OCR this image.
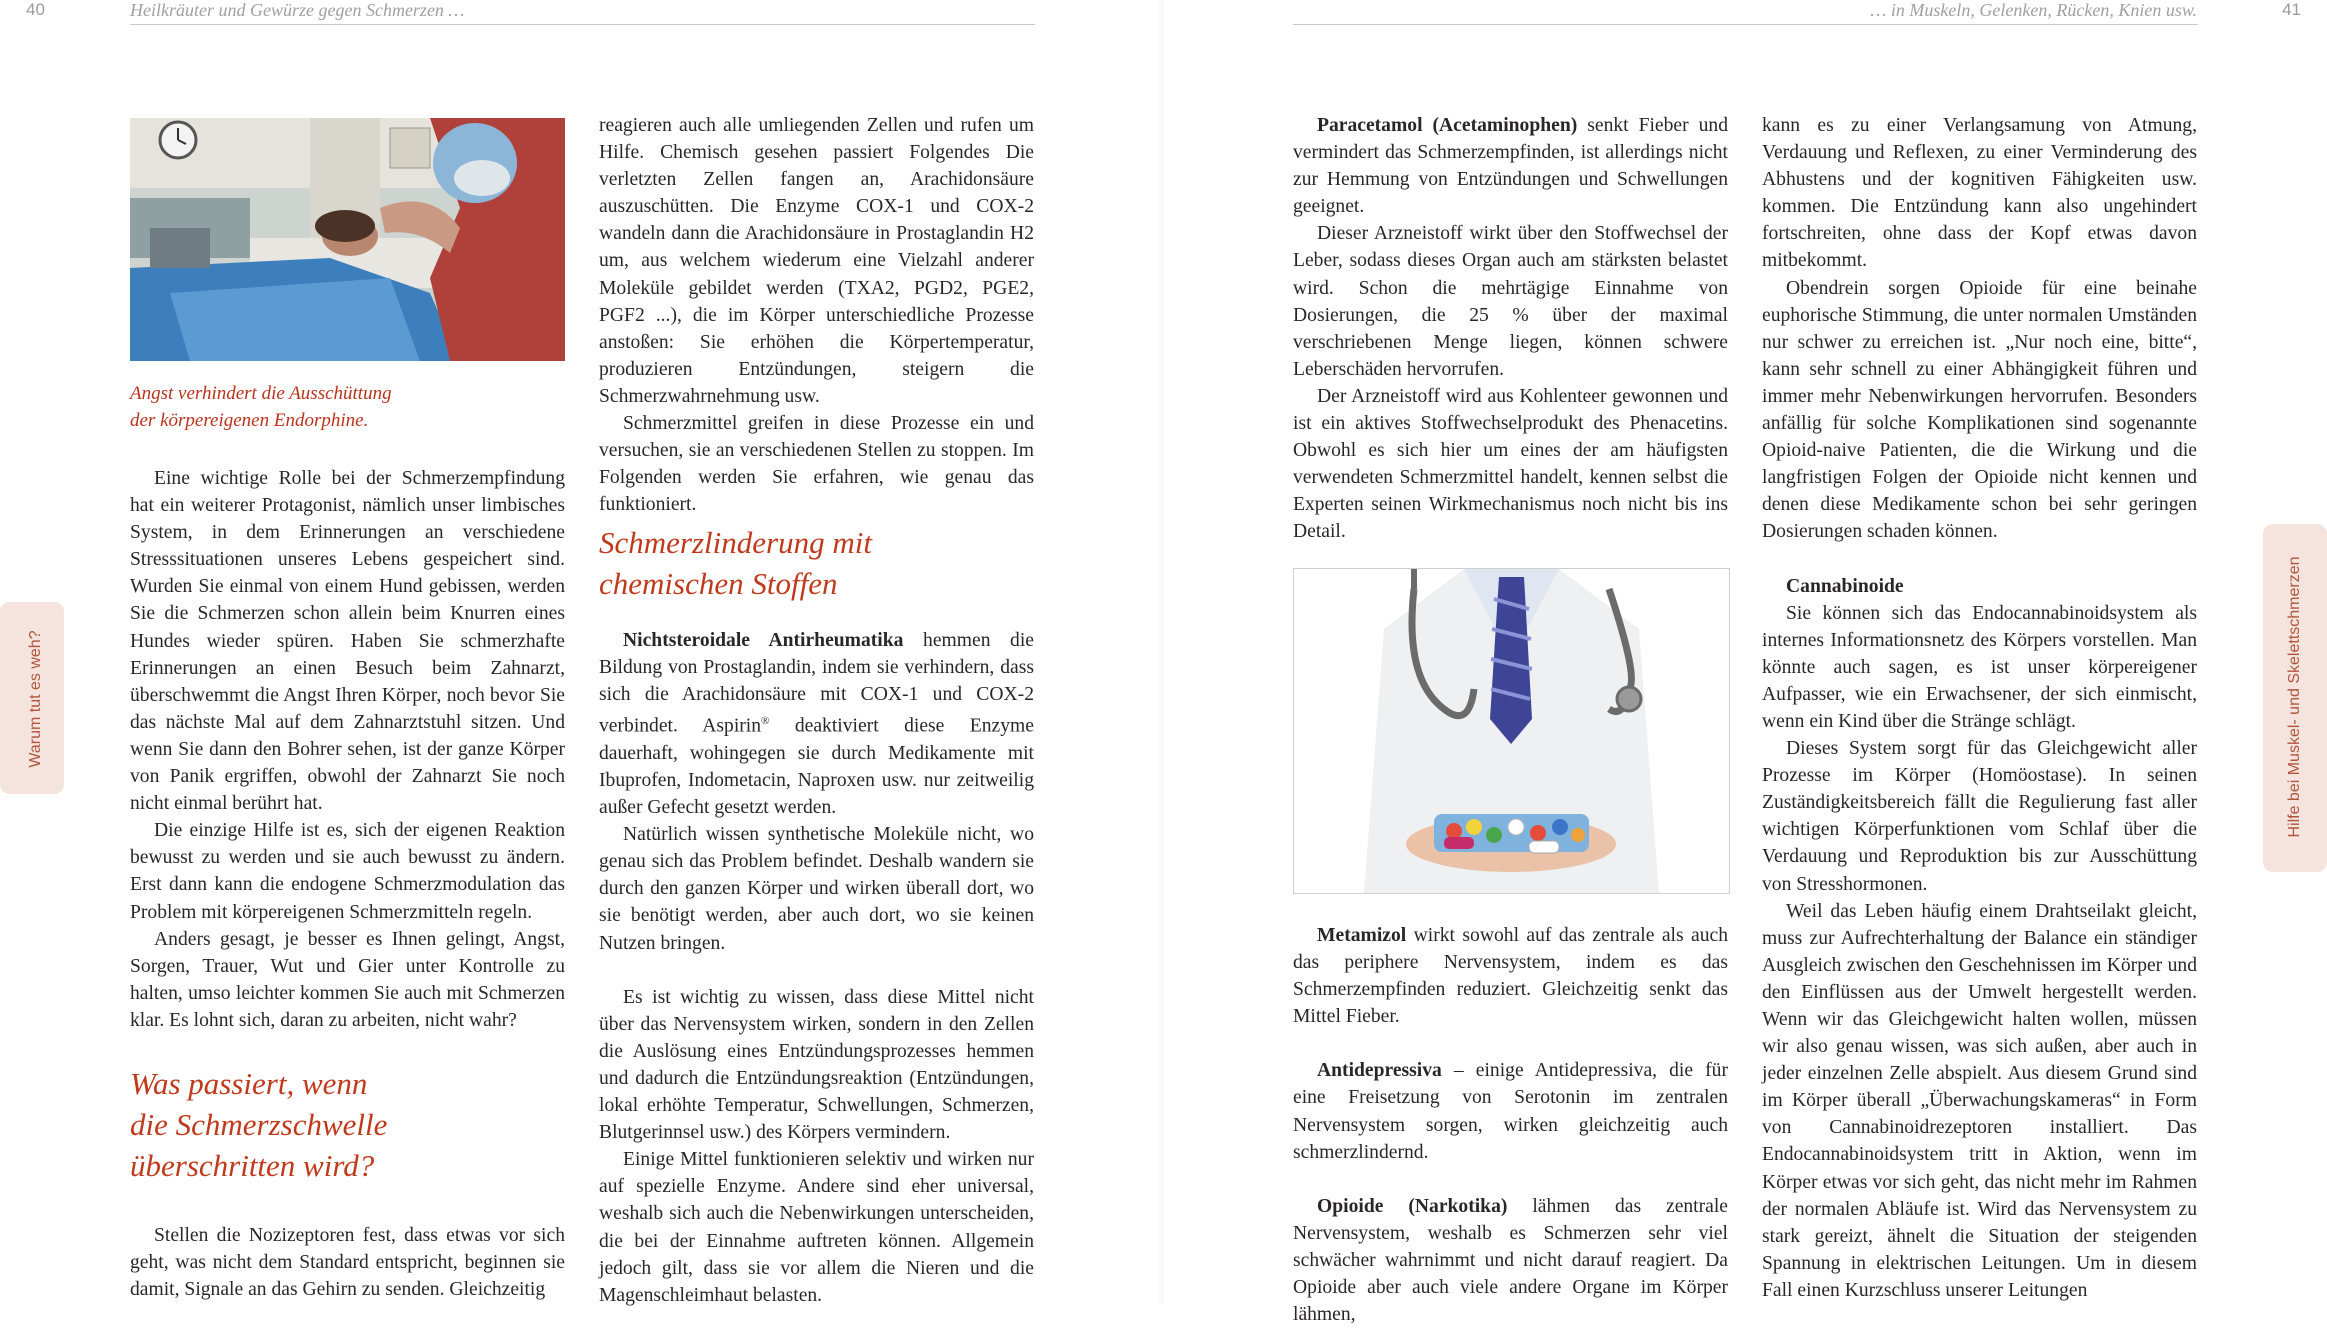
40	Heilkräuter und Gewürze gegen Schmerzen …
Warum tut es weh?
Angst verhindert die Ausschüttung
der körpereigenen Endorphine.

Eine wichtige Rolle bei der Schmerzempfindung hat ein weiterer Protagonist, nämlich unser limbisches System, in dem Erinnerungen an verschiedene Stresssituationen unseres Lebens gespeichert sind. Wurden Sie einmal von einem Hund gebissen, werden Sie die Schmerzen schon allein beim Knurren eines Hundes wieder spüren. Haben Sie schmerzhafte Erinnerungen an einen Besuch beim Zahnarzt, überschwemmt die Angst Ihren Körper, noch bevor Sie das nächste Mal auf dem Zahnarztstuhl sitzen. Und wenn Sie dann den Bohrer sehen, ist der ganze Körper von Panik ergriffen, obwohl der Zahnarzt Sie noch nicht einmal berührt hat.

Die einzige Hilfe ist es, sich der eigenen Reaktion bewusst zu werden und sie auch bewusst zu ändern. Erst dann kann die endogene Schmerzmodulation das Problem mit körpereigenen Schmerzmitteln regeln.

Anders gesagt, je besser es Ihnen gelingt, Angst, Sorgen, Trauer, Wut und Gier unter Kontrolle zu halten, umso leichter kommen Sie auch mit Schmerzen klar. Es lohnt sich, daran zu arbeiten, nicht wahr?

Was passiert, wenn
die Schmerzschwelle
überschritten wird?

Stellen die Nozizeptoren fest, dass etwas vor sich geht, was nicht dem Standard entspricht, beginnen sie damit, Signale an das Gehirn zu senden. Gleichzeitig

reagieren auch alle umliegenden Zellen und rufen um Hilfe. Chemisch gesehen passiert Folgendes Die verletzten Zellen fangen an, Arachidonsäure auszuschütten. Die Enzyme COX-1 und COX-2 wandeln dann die Arachidonsäure in Prostaglandin H2 um, aus welchem wiederum eine Vielzahl anderer Moleküle gebildet werden (TXA2, PGD2, PGE2, PGF2 ...), die im Körper unterschiedliche Prozesse anstoßen: Sie erhöhen die Körpertemperatur, produzieren Entzündungen, steigern die Schmerzwahrnehmung usw.

Schmerzmittel greifen in diese Prozesse ein und versuchen, sie an verschiedenen Stellen zu stoppen. Im Folgenden werden Sie erfahren, wie genau das funktioniert.

Schmerzlinderung mit
chemischen Stoffen

Nichtsteroidale Antirheumatika hemmen die Bildung von Prostaglandin, indem sie verhindern, dass sich die Arachidonsäure mit COX-1 und COX-2 verbindet. Aspirin® deaktiviert diese Enzyme dauerhaft, wohingegen sie durch Medikamente mit Ibuprofen, Indometacin, Naproxen usw. nur zeitweilig außer Gefecht gesetzt werden.

Natürlich wissen synthetische Moleküle nicht, wo genau sich das Problem befindet. Deshalb wandern sie durch den ganzen Körper und wirken überall dort, wo sie benötigt werden, aber auch dort, wo sie keinen Nutzen bringen.

Es ist wichtig zu wissen, dass diese Mittel nicht über das Nervensystem wirken, sondern in den Zellen die Auslösung eines Entzündungsprozesses hemmen und dadurch die Entzündungsreaktion (Entzündungen, lokal erhöhte Temperatur, Schwellungen, Schmerzen, Blutgerinnsel usw.) des Körpers vermindern.

Einige Mittel funktionieren selektiv und wirken nur auf spezielle Enzyme. Andere sind eher universal, weshalb sich auch die Nebenwirkungen unterscheiden, die bei der Einnahme auftreten können. Allgemein jedoch gilt, dass sie vor allem die Nieren und die Magenschleimhaut belasten.

… in Muskeln, Gelenken, Rücken, Knien usw.	41
Hilfe bei Muskel- und Skelettschmerzen

Paracetamol (Acetaminophen) senkt Fieber und vermindert das Schmerzempfinden, ist allerdings nicht zur Hemmung von Entzündungen und Schwellungen geeignet.

Dieser Arzneistoff wirkt über den Stoffwechsel der Leber, sodass dieses Organ auch am stärksten belastet wird. Schon die mehrtägige Einnahme von Dosierungen, die 25 % über der maximal verschriebenen Menge liegen, können schwere Leberschäden hervorrufen.

Der Arzneistoff wird aus Kohlenteer gewonnen und ist ein aktives Stoffwechselprodukt des Phenacetins. Obwohl es sich hier um eines der am häufigsten verwendeten Schmerzmittel handelt, kennen selbst die Experten seinen Wirkmechanismus noch nicht bis ins Detail.

Metamizol wirkt sowohl auf das zentrale als auch das periphere Nervensystem, indem es das Schmerzempfinden reduziert. Gleichzeitig senkt das Mittel Fieber.

Antidepressiva – einige Antidepressiva, die für eine Freisetzung von Serotonin im zentralen Nervensystem sorgen, wirken gleichzeitig auch schmerzlindernd.

Opioide (Narkotika) lähmen das zentrale Nervensystem, weshalb es Schmerzen sehr viel schwächer wahrnimmt und nicht darauf reagiert. Da Opioide aber auch viele andere Organe im Körper lähmen,

kann es zu einer Verlangsamung von Atmung, Verdauung und Reflexen, zu einer Verminderung des Abhustens und der kognitiven Fähigkeiten usw. kommen. Die Entzündung kann also ungehindert fortschreiten, ohne dass der Kopf etwas davon mitbekommt.

Obendrein sorgen Opioide für eine beinahe euphorische Stimmung, die unter normalen Umständen nur schwer zu erreichen ist. „Nur noch eine, bitte“, kann sehr schnell zu einer Abhängigkeit führen und immer mehr Nebenwirkungen hervorrufen. Besonders anfällig für solche Komplikationen sind sogenannte Opioid-naive Patienten, die die Wirkung und die langfristigen Folgen der Opioide nicht kennen und denen diese Medikamente schon bei sehr geringen Dosierungen schaden können.

Cannabinoide

Sie können sich das Endocannabinoidsystem als internes Informationsnetz des Körpers vorstellen. Man könnte auch sagen, es ist unser körpereigener Aufpasser, wie ein Erwachsener, der sich einmischt, wenn ein Kind über die Stränge schlägt.

Dieses System sorgt für das Gleichgewicht aller Prozesse im Körper (Homöostase). In seinen Zuständigkeitsbereich fällt die Regulierung fast aller wichtigen Körperfunktionen vom Schlaf über die Verdauung und Reproduktion bis zur Ausschüttung von Stresshormonen.

Weil das Leben häufig einem Drahtseilakt gleicht, muss zur Aufrechterhaltung der Balance ein ständiger Ausgleich zwischen den Geschehnissen im Körper und den Einflüssen aus der Umwelt hergestellt werden. Wenn wir das Gleichgewicht halten wollen, müssen wir also genau wissen, was sich außen, aber auch in jeder einzelnen Zelle abspielt. Aus diesem Grund sind im Körper überall „Überwachungskameras“ in Form von Cannabinoidrezeptoren installiert. Das Endocannabinoidsystem tritt in Aktion, wenn im Körper etwas vor sich geht, das nicht mehr im Rahmen der normalen Abläufe ist. Wird das Nervensystem zu stark gereizt, ähnelt die Situation der steigenden Spannung in elektrischen Leitungen. Um in diesem Fall einen Kurzschluss unserer Leitungen
